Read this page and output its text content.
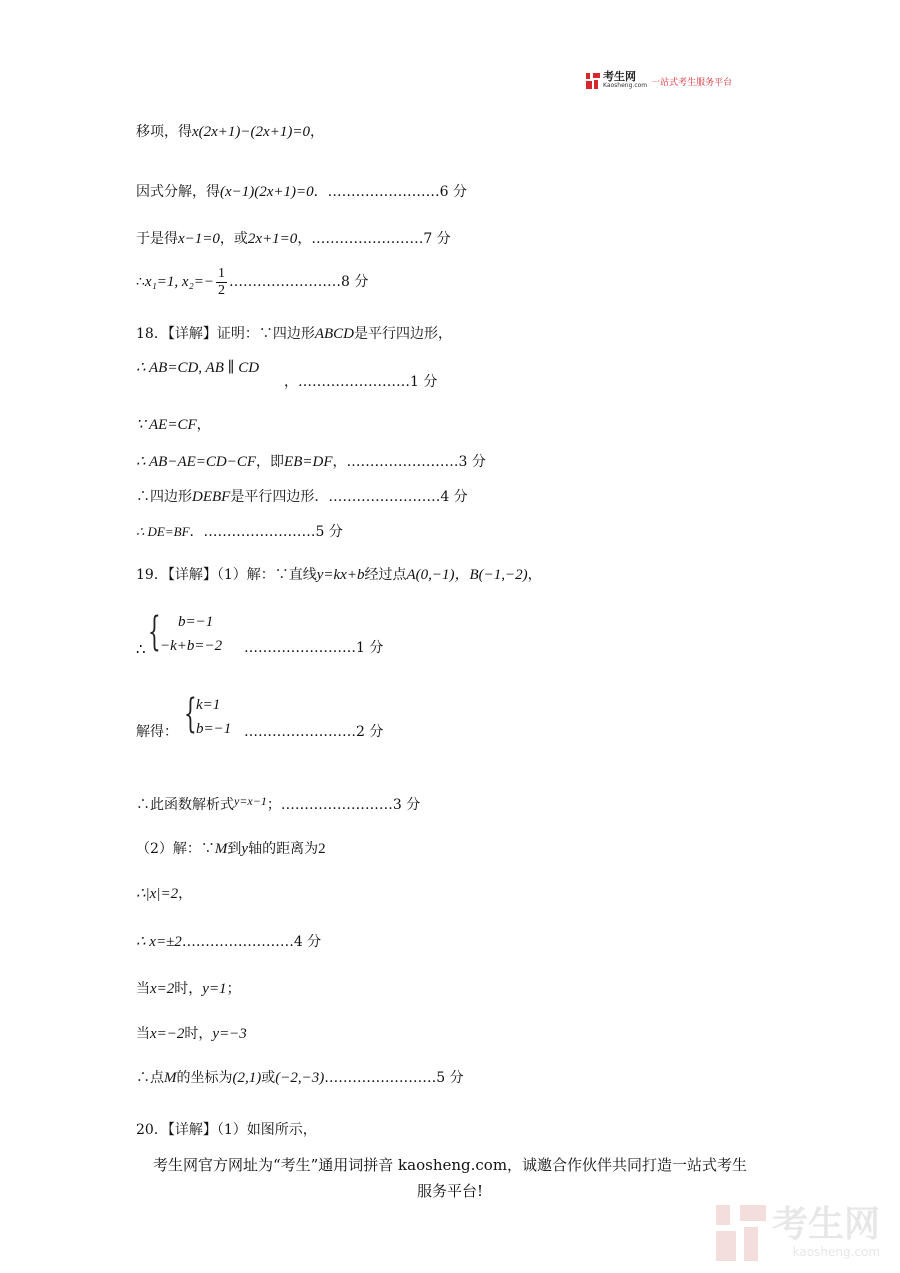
考生网
Kaosheng.com 一站式考生服务平台
移项，得x(2x+1)−(2x+1)=0，
因式分解，得(x−1)(2x+1)=0．……………………6 分
于是得x−1=0，或2x+1=0，……………………7 分
∴x₁=1, $x_2=- \frac{1}{2}$ ……………………8 分
18．【详解】证明：∵四边形ABCD是平行四边形，
∴ AB=CD, AB ∥ CD
，……………………1 分
∵ AE=CF，
∴ AB−AE=CD−CF，即EB=DF，……………………3 分
∴四边形DEBF是平行四边形．……………………4 分
∴ DE=BF．……………………5 分
19．【详解】（1）解：∵直线y=kx+b经过点A(0,−1)，B(−1,−2)，
∴ { b=−1
−k+b=−2 ……………………1 分
解得： { k=1
b=−1 ……………………2 分
∴此函数解析式y=x−1；……………………3 分
（2）解：∵M到y轴的距离为2
∴|x|=2，
∴ x=±2……………………4 分
当x=2时，y=1；
当x=−2时，y=−3
∴点M的坐标为(2,1)或(−2,−3)……………………5 分
20．【详解】（1）如图所示，
考生网官方网址为“考生”通用词拼音 kaosheng.com，诚邀合作伙伴共同打造一站式考生
服务平台!
考生网
kaosheng.com
